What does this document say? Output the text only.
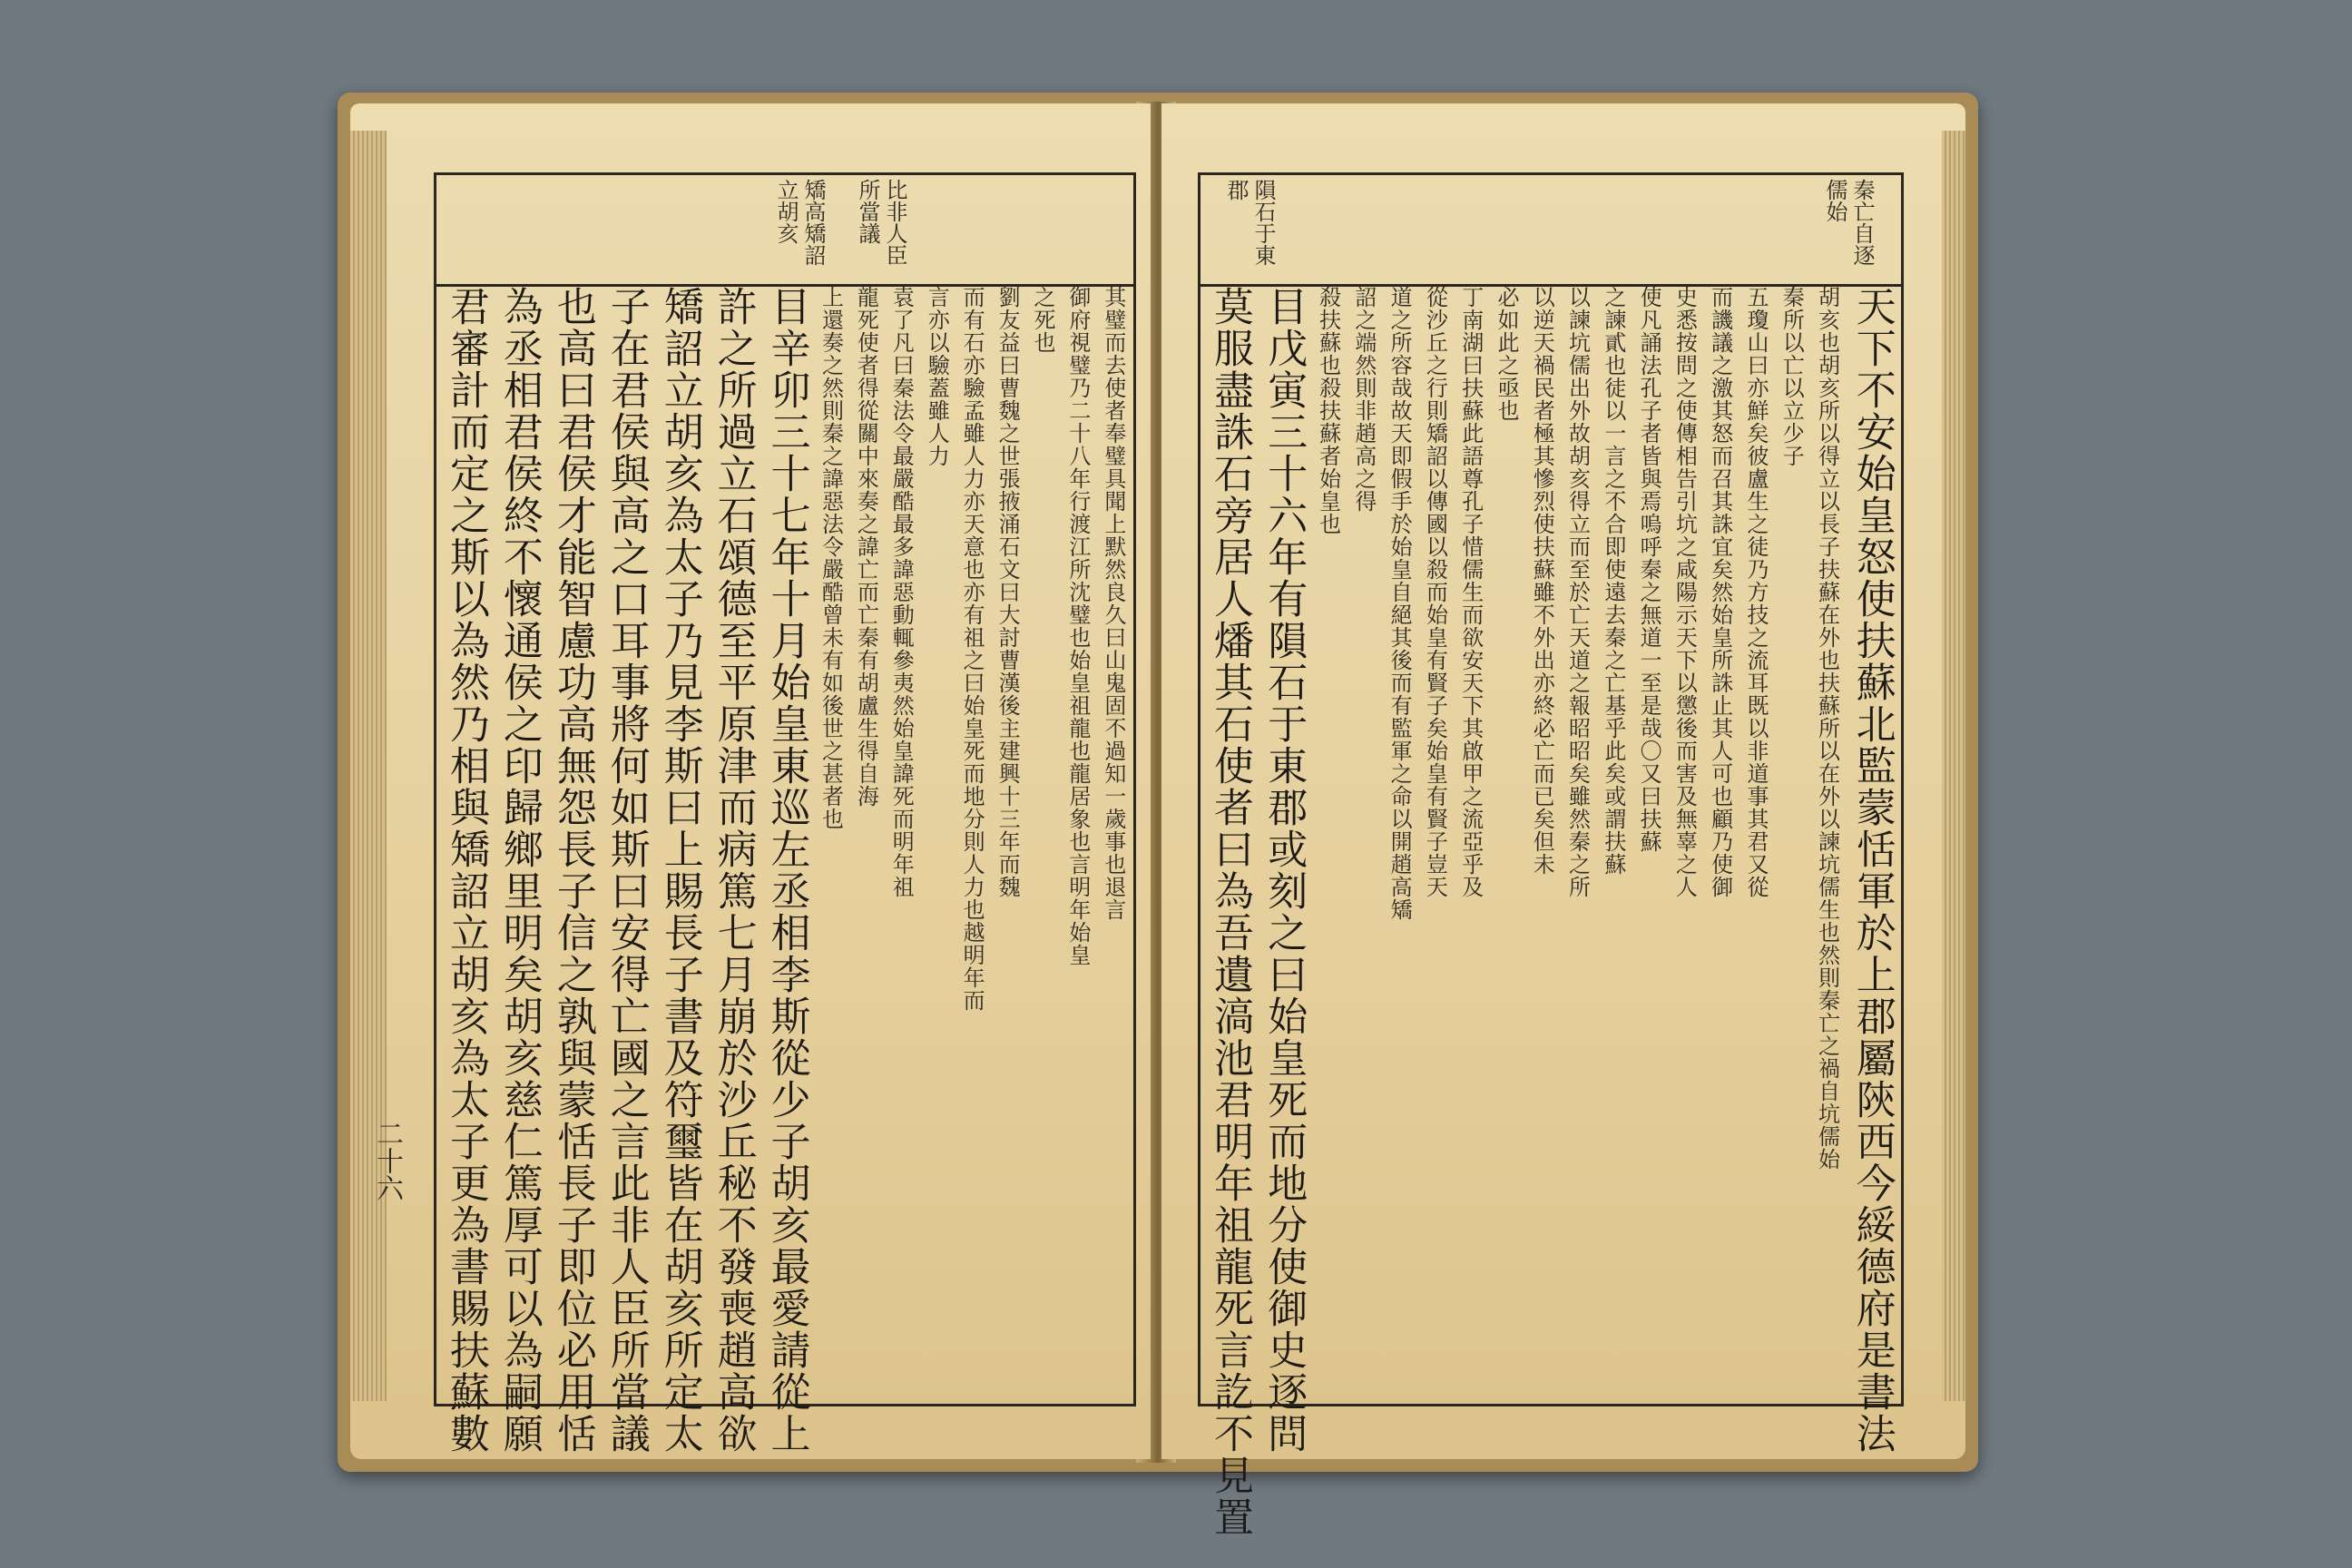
比非人臣
所當議
矯高矯詔
立胡亥
其璧而去使者奉璧具聞上默然良久曰山鬼固不過知一歲事也退言
御府視璧乃二十八年行渡江所沈璧也始皇祖龍也龍居象也言明年始皇
之死也
劉友益曰曹魏之世張掖涌石文曰大討曹漢後主建興十三年而魏
而有石亦驗孟雖人力亦天意也亦有祖之曰始皇死而地分則人力也越明年而
言亦以驗蓋雖人力
袁了凡曰秦法令最嚴酷最多諱惡動輒參夷然始皇諱死而明年祖
龍死使者得從關中來奏之諱亡而亡秦有胡盧生得自海
上還奏之然則秦之諱惡法令嚴酷曾未有如後世之甚者也
目辛卯三十七年十月始皇東巡左丞相李斯從少子胡亥最愛請從上
許之所過立石頌德至平原津而病篤七月崩於沙丘秘不發喪趙高欲
矯詔立胡亥為太子乃見李斯曰上賜長子書及符璽皆在胡亥所定太
子在君侯與高之口耳事將何如斯曰安得亡國之言此非人臣所當議
也高曰君侯才能智慮功高無怨長子信之孰與蒙恬長子即位必用恬
為丞相君侯終不懷通侯之印歸鄉里明矣胡亥慈仁篤厚可以為嗣願
君審計而定之斯以為然乃相與矯詔立胡亥為太子更為書賜扶蘇數
二十六
秦亡自逐
儒始
隕石于東
郡
天下不安始皇怒使扶蘇北監蒙恬軍於上郡屬陝西今綏德府是書法
胡亥也胡亥所以得立以長子扶蘇在外也扶蘇所以在外以諫坑儒生也然則秦亡之禍自坑儒始
秦所以亡以立少子
五瓊山曰亦鮮矣彼盧生之徒乃方技之流耳既以非道事其君又從
而譏議之激其怒而召其誅宜矣然始皇所誅止其人可也顧乃使御
史悉按問之使傳相告引坑之咸陽示天下以懲後而害及無辜之人
使凡誦法孔子者皆與焉嗚呼秦之無道一至是哉〇又曰扶蘇
之諫貳也徒以一言之不合即使遠去秦之亡基乎此矣或謂扶蘇
以諫坑儒出外故胡亥得立而至於亡天道之報昭昭矣雖然秦之所
以逆天禍民者極其慘烈使扶蘇雖不外出亦終必亡而已矣但未
必如此之亟也
丁南湖曰扶蘇此語尊孔子惜儒生而欲安天下其啟甲之流亞乎及
從沙丘之行則矯詔以傳國以殺而始皇有賢子矣始皇有賢子豈天
道之所容哉故天即假手於始皇自絕其後而有監軍之命以開趙高矯
詔之端然則非趙高之得
殺扶蘇也殺扶蘇者始皇也
目戊寅三十六年有隕石于東郡或刻之曰始皇死而地分使御史逐問
莫服盡誅石旁居人燔其石使者曰為吾遺滈池君明年祖龍死言訖不見置
